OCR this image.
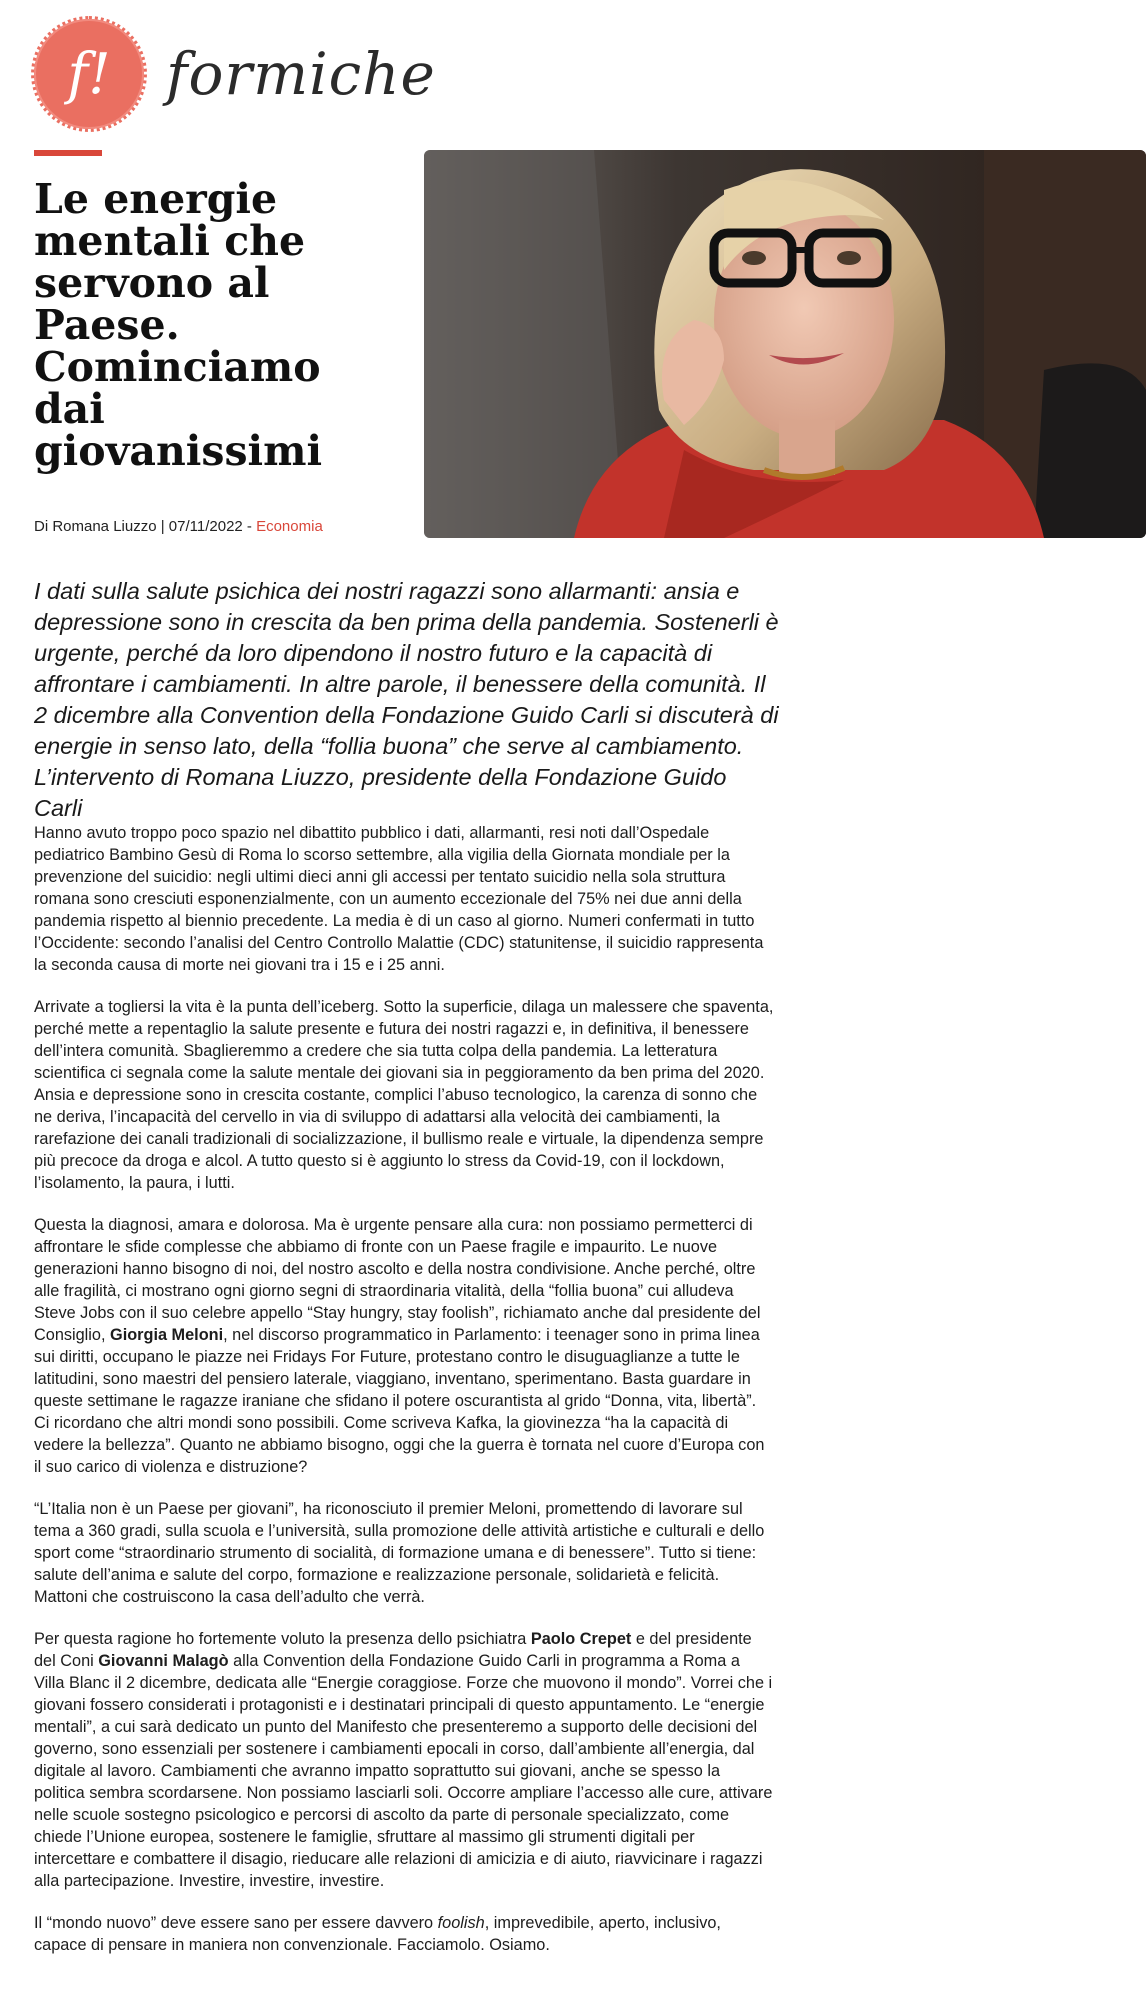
f! formiche
Le energie mentali che servono al Paese. Cominciamo dai giovanissimi
Di Romana Liuzzo | 07/11/2022 - Economia

I dati sulla salute psichica dei nostri ragazzi sono allarmanti: ansia e depressione sono in crescita da ben prima della pandemia. Sostenerli è urgente, perché da loro dipendono il nostro futuro e la capacità di affrontare i cambiamenti. In altre parole, il benessere della comunità. Il 2 dicembre alla Convention della Fondazione Guido Carli si discuterà di energie in senso lato, della “follia buona” che serve al cambiamento. L’intervento di Romana Liuzzo, presidente della Fondazione Guido Carli

Hanno avuto troppo poco spazio nel dibattito pubblico i dati, allarmanti, resi noti dall’Ospedale pediatrico Bambino Gesù di Roma lo scorso settembre, alla vigilia della Giornata mondiale per la prevenzione del suicidio: negli ultimi dieci anni gli accessi per tentato suicidio nella sola struttura romana sono cresciuti esponenzialmente, con un aumento eccezionale del 75% nei due anni della pandemia rispetto al biennio precedente. La media è di un caso al giorno. Numeri confermati in tutto l’Occidente: secondo l’analisi del Centro Controllo Malattie (CDC) statunitense, il suicidio rappresenta la seconda causa di morte nei giovani tra i 15 e i 25 anni.

Arrivate a togliersi la vita è la punta dell’iceberg. Sotto la superficie, dilaga un malessere che spaventa, perché mette a repentaglio la salute presente e futura dei nostri ragazzi e, in definitiva, il benessere dell’intera comunità. Sbaglieremmo a credere che sia tutta colpa della pandemia. La letteratura scientifica ci segnala come la salute mentale dei giovani sia in peggioramento da ben prima del 2020. Ansia e depressione sono in crescita costante, complici l’abuso tecnologico, la carenza di sonno che ne deriva, l’incapacità del cervello in via di sviluppo di adattarsi alla velocità dei cambiamenti, la rarefazione dei canali tradizionali di socializzazione, il bullismo reale e virtuale, la dipendenza sempre più precoce da droga e alcol. A tutto questo si è aggiunto lo stress da Covid-19, con il lockdown, l’isolamento, la paura, i lutti.

Questa la diagnosi, amara e dolorosa. Ma è urgente pensare alla cura: non possiamo permetterci di affrontare le sfide complesse che abbiamo di fronte con un Paese fragile e impaurito. Le nuove generazioni hanno bisogno di noi, del nostro ascolto e della nostra condivisione. Anche perché, oltre alle fragilità, ci mostrano ogni giorno segni di straordinaria vitalità, della “follia buona” cui alludeva Steve Jobs con il suo celebre appello “Stay hungry, stay foolish”, richiamato anche dal presidente del Consiglio, Giorgia Meloni, nel discorso programmatico in Parlamento: i teenager sono in prima linea sui diritti, occupano le piazze nei Fridays For Future, protestano contro le disuguaglianze a tutte le latitudini, sono maestri del pensiero laterale, viaggiano, inventano, sperimentano. Basta guardare in queste settimane le ragazze iraniane che sfidano il potere oscurantista al grido “Donna, vita, libertà”. Ci ricordano che altri mondi sono possibili. Come scriveva Kafka, la giovinezza “ha la capacità di vedere la bellezza”. Quanto ne abbiamo bisogno, oggi che la guerra è tornata nel cuore d’Europa con il suo carico di violenza e distruzione?

“L’Italia non è un Paese per giovani”, ha riconosciuto il premier Meloni, promettendo di lavorare sul tema a 360 gradi, sulla scuola e l’università, sulla promozione delle attività artistiche e culturali e dello sport come “straordinario strumento di socialità, di formazione umana e di benessere”. Tutto si tiene: salute dell’anima e salute del corpo, formazione e realizzazione personale, solidarietà e felicità. Mattoni che costruiscono la casa dell’adulto che verrà.

Per questa ragione ho fortemente voluto la presenza dello psichiatra Paolo Crepet e del presidente del Coni Giovanni Malagò alla Convention della Fondazione Guido Carli in programma a Roma a Villa Blanc il 2 dicembre, dedicata alle “Energie coraggiose. Forze che muovono il mondo”. Vorrei che i giovani fossero considerati i protagonisti e i destinatari principali di questo appuntamento. Le “energie mentali”, a cui sarà dedicato un punto del Manifesto che presenteremo a supporto delle decisioni del governo, sono essenziali per sostenere i cambiamenti epocali in corso, dall’ambiente all’energia, dal digitale al lavoro. Cambiamenti che avranno impatto soprattutto sui giovani, anche se spesso la politica sembra scordarsene. Non possiamo lasciarli soli. Occorre ampliare l’accesso alle cure, attivare nelle scuole sostegno psicologico e percorsi di ascolto da parte di personale specializzato, come chiede l’Unione europea, sostenere le famiglie, sfruttare al massimo gli strumenti digitali per intercettare e combattere il disagio, rieducare alle relazioni di amicizia e di aiuto, riavvicinare i ragazzi alla partecipazione. Investire, investire, investire.

Il “mondo nuovo” deve essere sano per essere davvero foolish, imprevedibile, aperto, inclusivo, capace di pensare in maniera non convenzionale. Facciamolo. Osiamo.
